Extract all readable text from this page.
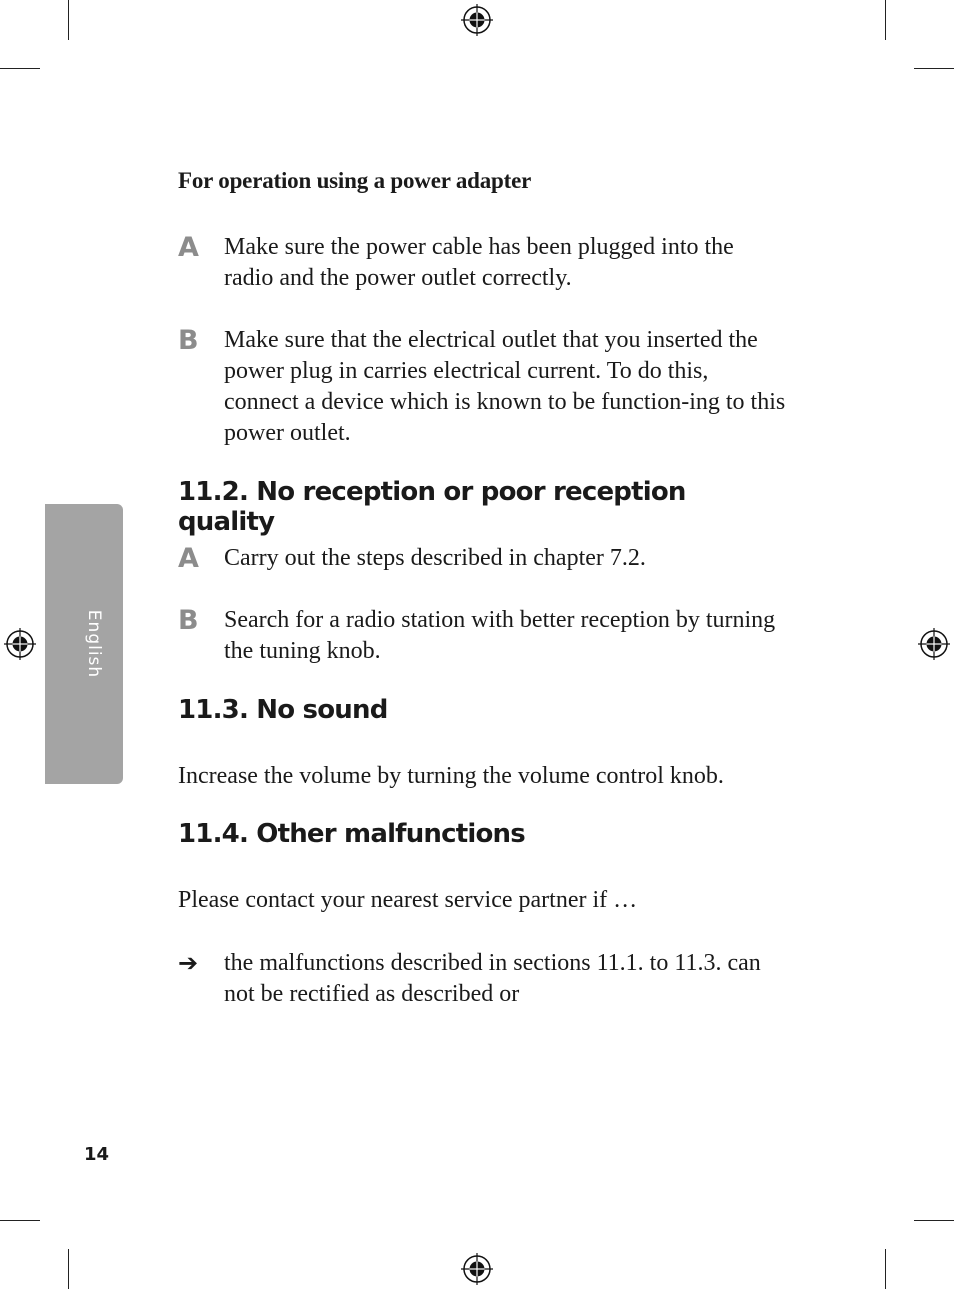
English
For operation using a power adapter
A Make sure the power cable has been plugged into the radio and the power outlet correctly.
B Make sure that the electrical outlet that you inserted the power plug in carries electrical current. To do this, connect a device which is known to be function-ing to this power outlet.
11.2. No reception or poor reception quality
A Carry out the steps described in chapter 7.2.
B Search for a radio station with better reception by turning the tuning knob.
11.3. No sound
Increase the volume by turning the volume control knob.
11.4. Other malfunctions
Please contact your nearest service partner if …
➔ the malfunctions described in sections 11.1. to 11.3. can not be rectified as described or
14
